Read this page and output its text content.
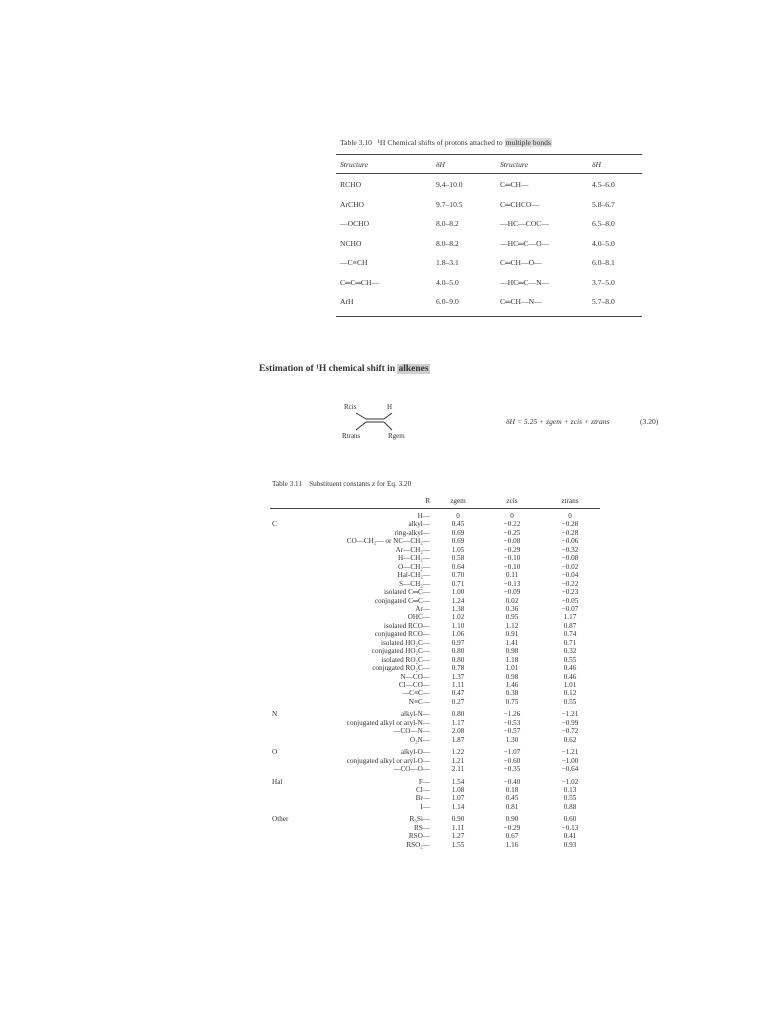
Table 3.10 ¹H Chemical shifts of protons attached to multiple bonds
Structure	δH	Structure	δH
RCHO	9.4–10.0	C═CH—	4.5–6.0
ArCHO	9.7–10.5	C═CHCO—	5.8–6.7
—OCHO	8.0–8.2	—HC—COC—	6.5–8.0
NCHO	8.0–8.2	—HC═C—O—	4.0–5.0
—C≡CH	1.8–3.1	C═CH—O—	6.0–8.1
C═C═CH—	4.0–5.0	—HC═C—N—	3.7–5.0
ArH	6.0–9.0	C═CH—N—	5.7–8.0
Estimation of ¹H chemical shift in alkenes
Rcis	H
Rtrans	Rgem
δH = 5.25 + zgem + zcis + ztrans	(3.20)
Table 3.11 Substituent constants z for Eq. 3.20
R	zgem	zcis	ztrans
H—	0	0	0
C	alkyl—	0.45	−0.22	−0.28
ring-alkyl—	0.69	−0.25	−0.28
CO—CH₂— or NC—CH₂—	0.69	−0.08	−0.06
Ar—CH₂—	1.05	−0.29	−0.32
H—CH₂—	0.58	−0.10	−0.08
O—CH₂—	0.64	−0.10	−0.02
Hal-CH₂—	0.70	0.11	−0.04
S—CH₂—	0.71	−0.13	−0.22
isolated C═C—	1.00	−0.09	−0.23
conjugated C═C—	1.24	0.02	−0.05
Ar—	1.38	0.36	−0.07
OHC—	1.02	0.95	1.17
isolated RCO—	1.10	1.12	0.87
conjugated RCO—	1.06	0.91	0.74
isolated HO₂C—	0.97	1.41	0.71
conjugated HO₂C—	0.80	0.98	0.32
isolated RO₂C—	0.80	1.18	0.55
conjugated RO₂C—	0.78	1.01	0.46
N—CO—	1.37	0.98	0.46
Cl—CO—	1.11	1.46	1.01
—C≡C—	0.47	0.38	0.12
N≡C—	0.27	0.75	0.55
N	alkyl-N—	0.80	−1.26	−1.21
conjugated alkyl or aryl-N—	1.17	−0.53	−0.99
—CO—N—	2.08	−0.57	−0.72
O₂N—	1.87	1.30	0.62
O	alkyl-O—	1.22	−1.07	−1.21
conjugated alkyl or aryl-O—	1.21	−0.60	−1.00
—CO—O—	2.11	−0.35	−0.64
Hal	F—	1.54	−0.40	−1.02
Cl—	1.08	0.18	0.13
Br—	1.07	0.45	0.55
I—	1.14	0.81	0.88
Other	R₃Si—	0.90	0.90	0.60
RS—	1.11	−0.29	−0.13
RSO—	1.27	0.67	0.41
RSO₂—	1.55	1.16	0.93
